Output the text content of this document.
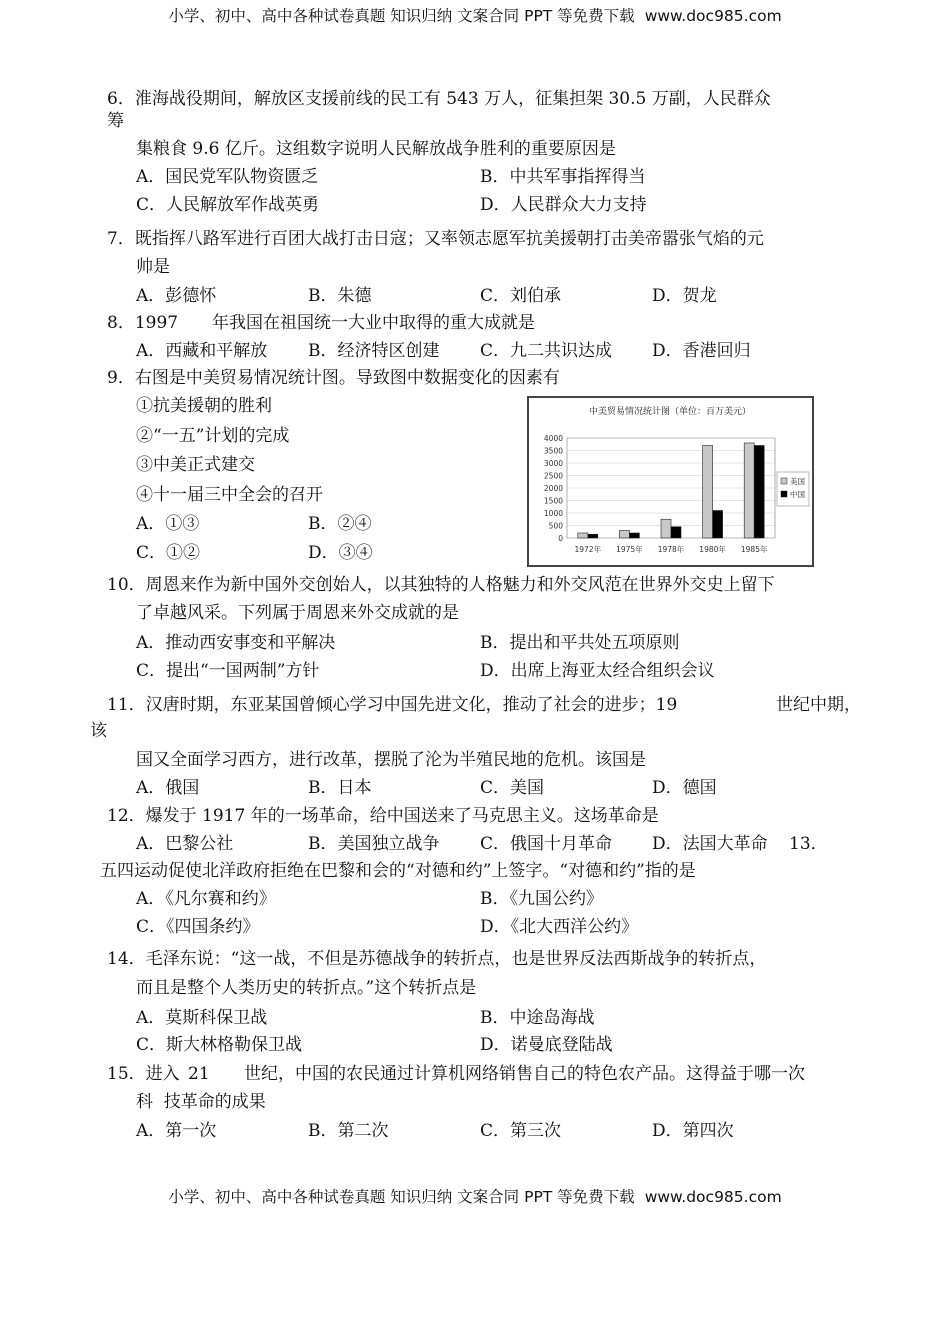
小学、初中、高中各种试卷真题 知识归纳 文案合同 PPT 等免费下载 www.doc985.com
6．淮海战役期间，解放区支援前线的民工有 543 万人，征集担架 30.5 万副，人民群众
筹
集粮食 9.6 亿斤。这组数字说明人民解放战争胜利的重要原因是
A．国民党军队物资匮乏	B．中共军事指挥得当
C．人民解放军作战英勇	D．人民群众大力支持
7．既指挥八路军进行百团大战打击日寇；又率领志愿军抗美援朝打击美帝嚣张气焰的元
帅是
A．彭德怀	B．朱德	C．刘伯承	D．贺龙
8．1997 年我国在祖国统一大业中取得的重大成就是
A．西藏和平解放 B．经济特区创建 C．九二共识达成 D．香港回归
9．右图是中美贸易情况统计图。导致图中数据变化的因素有
①抗美援朝的胜利
②“一五”计划的完成
③中美正式建交
④十一届三中全会的召开
A．①③	B．②④
C．①②	D．③④
中美贸易情况统计图（单位：百万美元）
0
500
1000
1500
2000
2500
3000
3500
4000
1972年 1975年 1978年 1980年 1985年
美国
中国
10．周恩来作为新中国外交创始人，以其独特的人格魅力和外交风范在世界外交史上留下
了卓越风采。下列属于周恩来外交成就的是
A．推动西安事变和平解决	B．提出和平共处五项原则
C．提出“一国两制”方针	D．出席上海亚太经合组织会议
11．汉唐时期，东亚某国曾倾心学习中国先进文化，推动了社会的进步；19	世纪中期，
该
国又全面学习西方，进行改革，摆脱了沦为半殖民地的危机。该国是
A．俄国	B．日本	C．美国	D．德国
12．爆发于 1917 年的一场革命，给中国送来了马克思主义。这场革命是
A．巴黎公社	B．美国独立战争 C．俄国十月革命 D．法国大革命 13．
五四运动促使北洋政府拒绝在巴黎和会的“对德和约”上签字。“对德和约”指的是
A．《凡尔赛和约》	B．《九国公约》
C．《四国条约》	D．《北大西洋公约》
14．毛泽东说：“这一战，不但是苏德战争的转折点，也是世界反法西斯战争的转折点，
而且是整个人类历史的转折点。”这个转折点是
A．莫斯科保卫战	B．中途岛海战
C．斯大林格勒保卫战	D．诺曼底登陆战
15．进入 21 世纪，中国的农民通过计算机网络销售自己的特色农产品。这得益于哪一次
科  技革命的成果
A．第一次	B．第二次	C．第三次	D．第四次
小学、初中、高中各种试卷真题 知识归纳 文案合同 PPT 等免费下载 www.doc985.com
